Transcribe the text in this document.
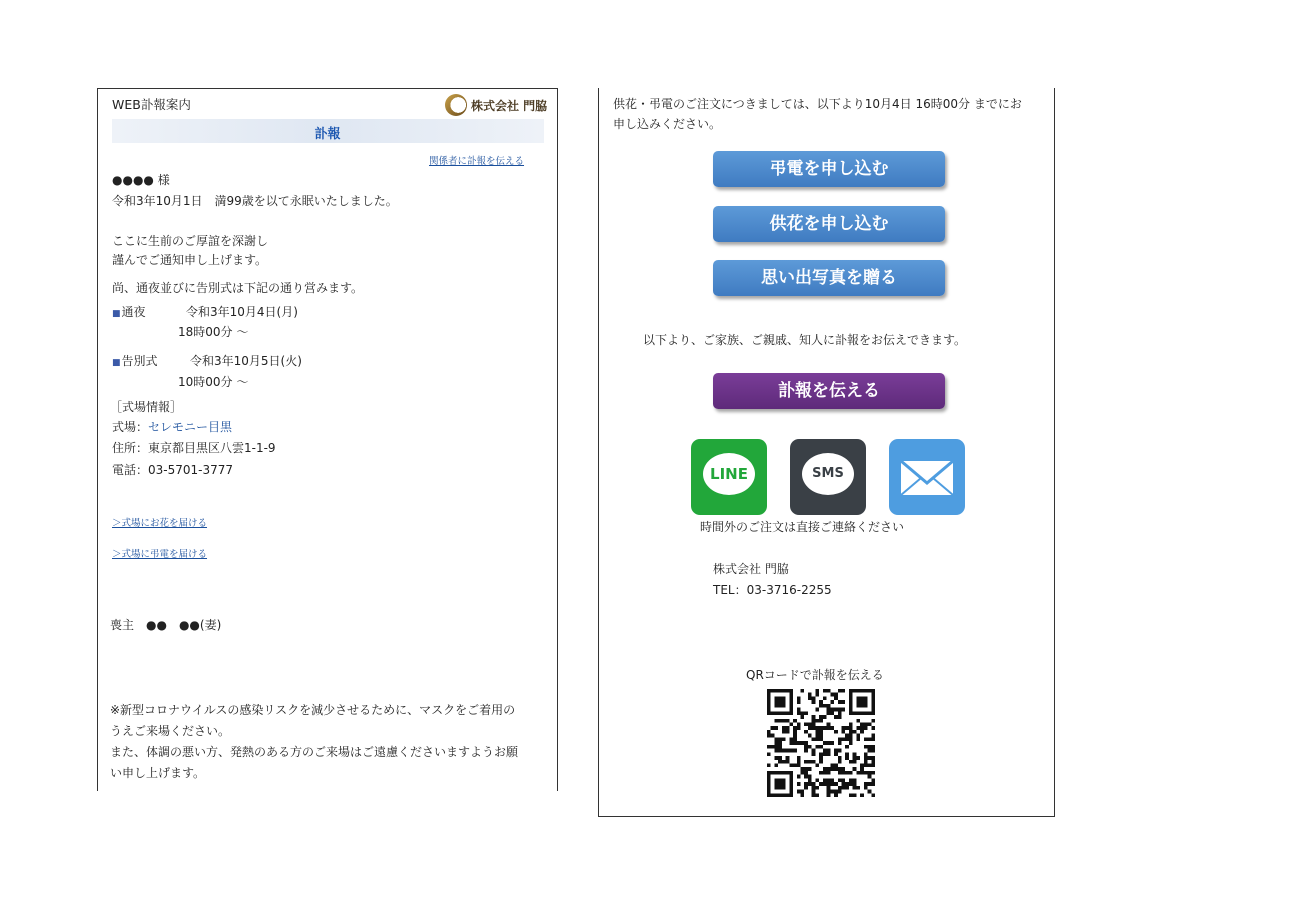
WEB訃報案内	株式会社 門脇
訃報
関係者に訃報を伝える
●●●● 様
令和3年10月1日　満99歳を以て永眠いたしました。
ここに生前のご厚誼を深謝し
謹んでご通知申し上げます。
尚、通夜並びに告別式は下記の通り営みます。
■通夜	令和3年10月4日(月)
18時00分 〜
■告別式	令和3年10月5日(火)
10時00分 〜
［式場情報］
式場：セレモニー目黒
住所：東京都目黒区八雲1-1-9
電話：03-5701-3777
＞式場にお花を届ける
＞式場に弔電を届ける
喪主　●●　●●(妻)
※新型コロナウイルスの感染リスクを減少させるために、マスクをご着用の
うえご来場ください。
また、体調の悪い方、発熱のある方のご来場はご遠慮くださいますようお願
い申し上げます。
供花・弔電のご注文につきましては、以下より10月4日 16時00分 までにお
申し込みください。
弔電を申し込む
供花を申し込む
思い出写真を贈る
以下より、ご家族、ご親戚、知人に訃報をお伝えできます。
訃報を伝える
LINE	SMS
時間外のご注文は直接ご連絡ください
株式会社 門脇
TEL：03-3716-2255
QRコードで訃報を伝える
